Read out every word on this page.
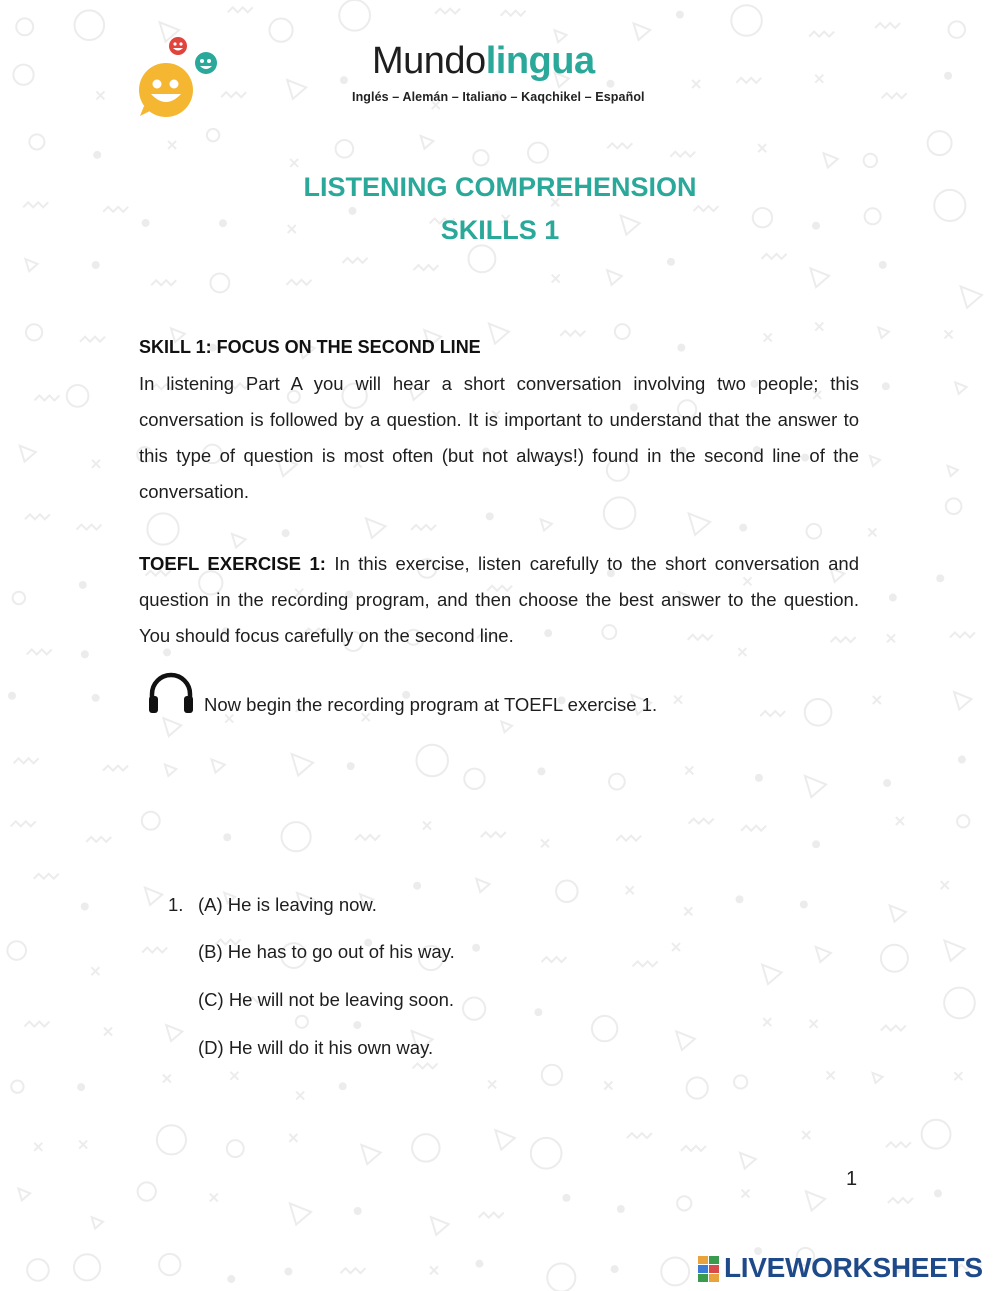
Mundolingua
Inglés – Alemán – Italiano – Kaqchikel – Español
LISTENING COMPREHENSION
SKILLS 1
SKILL 1: FOCUS ON THE SECOND LINE
In listening Part A you will hear a short conversation involving two people; this conversation is followed by a question. It is important to understand that the answer to this type of question is most often (but not always!) found in the second line of the conversation.
TOEFL EXERCISE 1: In this exercise, listen carefully to the short conversation and question in the recording program, and then choose the best answer to the question. You should focus carefully on the second line.
Now begin the recording program at TOEFL exercise 1.
1. (A) He is leaving now.
(B) He has to go out of his way.
(C) He will not be leaving soon.
(D) He will do it his own way.
1
LIVEWORKSHEETS
